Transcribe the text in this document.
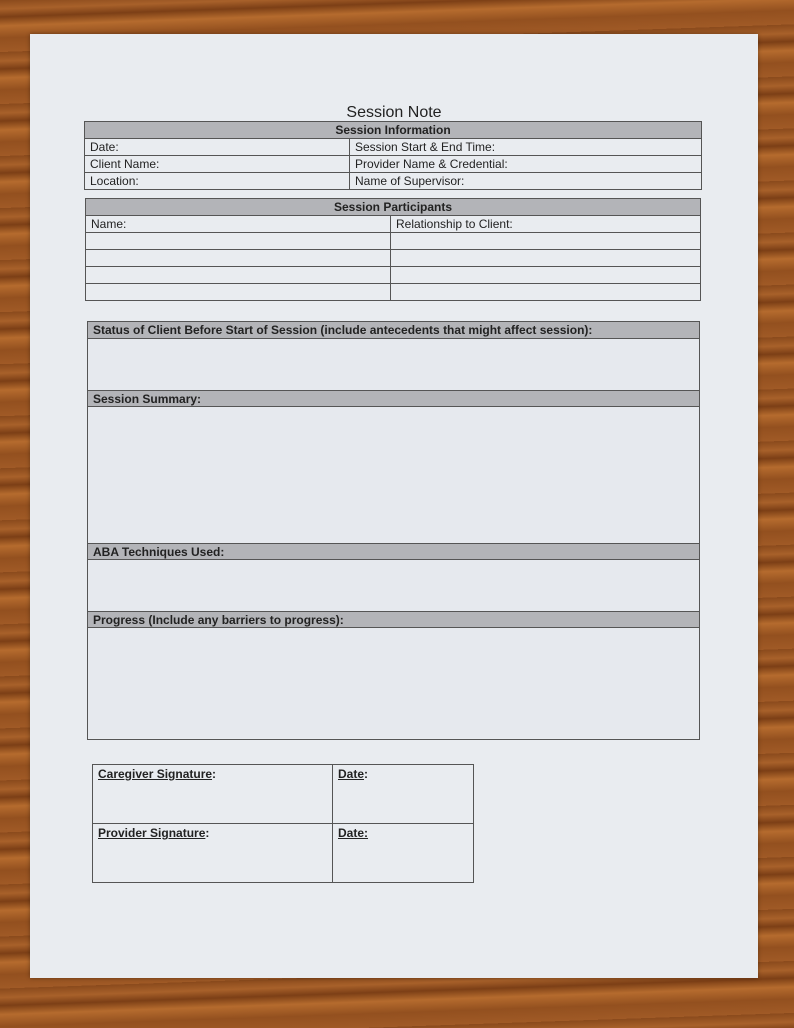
Session Note
Session Information	
Date:	Session Start & End Time:
Client Name:	Provider Name & Credential:
Location:	Name of Supervisor:
Session Participants	
Name:	Relationship to Client:

Status of Client Before Start of Session (include antecedents that might affect session):
Session Summary:
ABA Techniques Used:
Progress (Include any barriers to progress):
Caregiver Signature:	Date:
Provider Signature:	Date:
